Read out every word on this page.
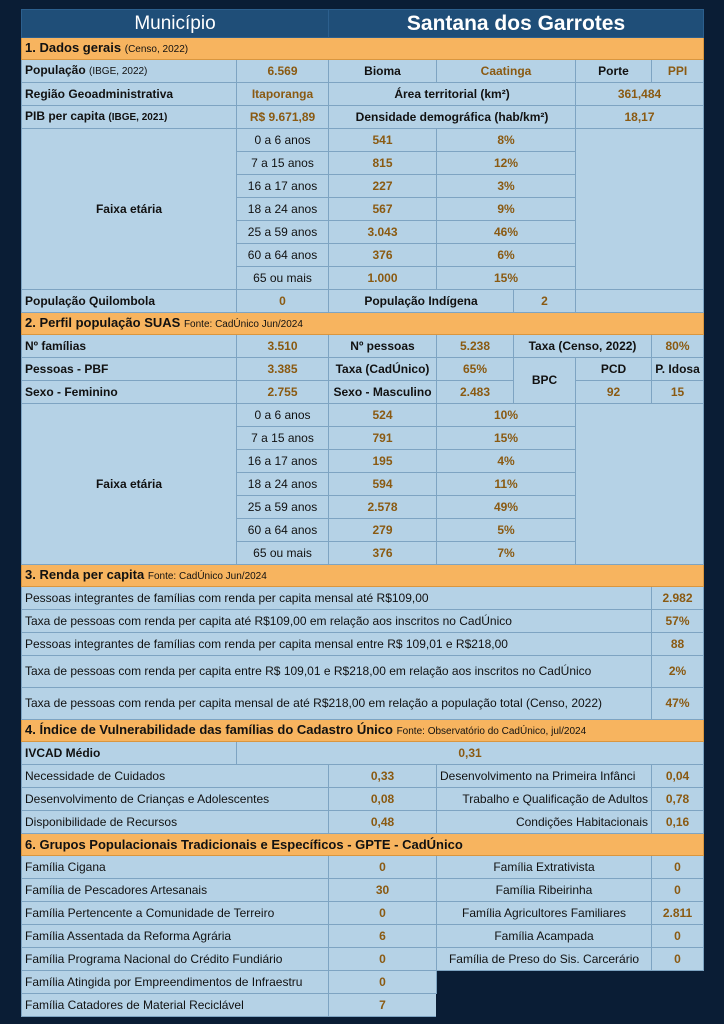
Município		Santana dos Garrotes				
1. Dados gerais (Censo, 2022)						
População (IBGE, 2022)	6.569	Bioma	Caatinga		Porte	PPI
Região Geoadministrativa	Itaporanga	Área territorial (km²)			361,484	
PIB per capita (IBGE, 2021)	R$ 9.671,89	Densidade demográfica (hab/km²)			18,17	
Faixa etária	0 a 6 anos	541	8%			
	7 a 15 anos	815	12%			
	16 a 17 anos	227	3%			
	18 a 24 anos	567	9%			
	25 a 59 anos	3.043	46%			
	60 a 64 anos	376	6%			
	65 ou mais	1.000	15%			
População Quilombola	0	População Indígena		2		
2. Perfil população SUAS Fonte: CadÚnico Jun/2024						
Nº famílias	3.510	Nº pessoas	5.238	Taxa (Censo, 2022)		80%
Pessoas - PBF	3.385	Taxa (CadÚnico)	65%	BPC	PCD	P. Idosa
Sexo - Feminino	2.755	Sexo - Masculino	2.483		92	15
Faixa etária	0 a 6 anos	524	10%			
	7 a 15 anos	791	15%			
	16 a 17 anos	195	4%			
	18 a 24 anos	594	11%			
	25 a 59 anos	2.578	49%			
	60 a 64 anos	279	5%			
	65 ou mais	376	7%			
3. Renda per capita Fonte: CadÚnico Jun/2024						
Pessoas integrantes de famílias com renda per capita mensal até R$109,00						2.982
Taxa de pessoas com renda per capita até R$109,00 em relação aos inscritos no CadÚnico						57%
Pessoas integrantes de famílias com renda per capita mensal entre R$ 109,01 e R$218,00						88
Taxa de pessoas com renda per capita entre R$ 109,01 e R$218,00 em relação aos inscritos no CadÚnico						2%
Taxa de pessoas com renda per capita mensal de até R$218,00 em relação a população total (Censo, 2022)						47%
4. Índice de Vulnerabilidade das famílias do Cadastro Único Fonte: Observatório do CadÚnico, jul/2024						
IVCAD Médio	0,31					
Necessidade de Cuidados		0,33	Desenvolvimento na Primeira Infânci			0,04
Desenvolvimento de Crianças e Adolescentes		0,08	Trabalho e Qualificação de Adultos			0,78
Disponibilidade de Recursos		0,48	Condições Habitacionais			0,16
6. Grupos Populacionais Tradicionais e Específicos - GPTE - CadÚnico						
Família Cigana		0	Família Extrativista			0
Família de Pescadores Artesanais		30	Família Ribeirinha			0
Família Pertencente a Comunidade de Terreiro		0	Família Agricultores Familiares			2.811
Família Assentada da Reforma Agrária		6	Família Acampada			0
Família Programa Nacional do Crédito Fundiário		0	Família de Preso do Sis. Carcerário			0
Família Atingida por Empreendimentos de Infraestru		0				
Família Catadores de Material Reciclável		7				
